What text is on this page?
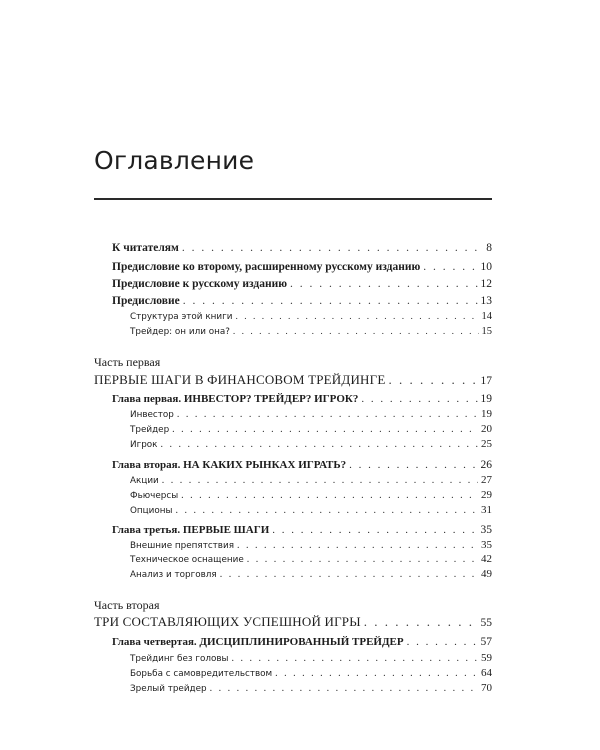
Оглавление
К читателям . . .	8
Предисловие ко второму, расширенному русскому изданию . . .	10
Предисловие к русскому изданию . . .	12
Предисловие . . .	13
Структура этой книги . . .	14
Трейдер: он или она? . . .	15
Часть первая
ПЕРВЫЕ ШАГИ В ФИНАНСОВОМ ТРЕЙДИНГЕ . . .	17
Глава первая. ИНВЕСТОР? ТРЕЙДЕР? ИГРОК? . . .	19
Инвестор . . .	19
Трейдер . . .	20
Игрок . . .	25
Глава вторая. НА КАКИХ РЫНКАХ ИГРАТЬ? . . .	26
Акции . . .	27
Фьючерсы . . .	29
Опционы . . .	31
Глава третья. ПЕРВЫЕ ШАГИ . . .	35
Внешние препятствия . . .	35
Техническое оснащение . . .	42
Анализ и торговля . . .	49
Часть вторая
ТРИ СОСТАВЛЯЮЩИХ УСПЕШНОЙ ИГРЫ . . .	55
Глава четвертая. ДИСЦИПЛИНИРОВАННЫЙ ТРЕЙДЕР . . .	57
Трейдинг без головы . . .	59
Борьба с самовредительством . . .	64
Зрелый трейдер . . .	70
